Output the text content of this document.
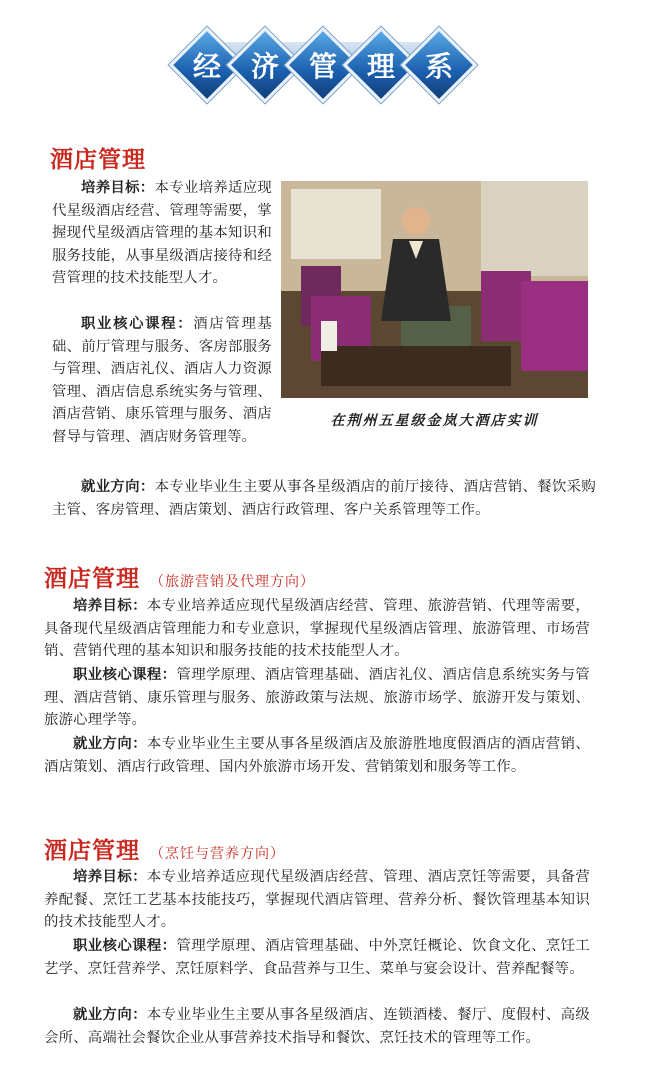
经 济 管 理 系
酒店管理
培养目标：本专业培养适应现代星级酒店经营、管理等需要，掌握现代星级酒店管理的基本知识和服务技能，从事星级酒店接待和经营管理的技术技能型人才。
职业核心课程：酒店管理基础、前厅管理与服务、客房部服务与管理、酒店礼仪、酒店人力资源管理、酒店信息系统实务与管理、酒店营销、康乐管理与服务、酒店督导与管理、酒店财务管理等。
在荆州五星级金岚大酒店实训
就业方向：本专业毕业生主要从事各星级酒店的前厅接待、酒店营销、餐饮采购主管、客房管理、酒店策划、酒店行政管理、客户关系管理等工作。
酒店管理 （旅游营销及代理方向）
培养目标：本专业培养适应现代星级酒店经营、管理、旅游营销、代理等需要，具备现代星级酒店管理能力和专业意识，掌握现代星级酒店管理、旅游管理、市场营销、营销代理的基本知识和服务技能的技术技能型人才。
职业核心课程：管理学原理、酒店管理基础、酒店礼仪、酒店信息系统实务与管理、酒店营销、康乐管理与服务、旅游政策与法规、旅游市场学、旅游开发与策划、旅游心理学等。
就业方向：本专业毕业生主要从事各星级酒店及旅游胜地度假酒店的酒店营销、酒店策划、酒店行政管理、国内外旅游市场开发、营销策划和服务等工作。
酒店管理 （烹饪与营养方向）
培养目标：本专业培养适应现代星级酒店经营、管理、酒店烹饪等需要，具备营养配餐、烹饪工艺基本技能技巧，掌握现代酒店管理、营养分析、餐饮管理基本知识的技术技能型人才。
职业核心课程：管理学原理、酒店管理基础、中外烹饪概论、饮食文化、烹饪工艺学、烹饪营养学、烹饪原料学、食品营养与卫生、菜单与宴会设计、营养配餐等。
就业方向：本专业毕业生主要从事各星级酒店、连锁酒楼、餐厅、度假村、高级会所、高端社会餐饮企业从事营养技术指导和餐饮、烹饪技术的管理等工作。
